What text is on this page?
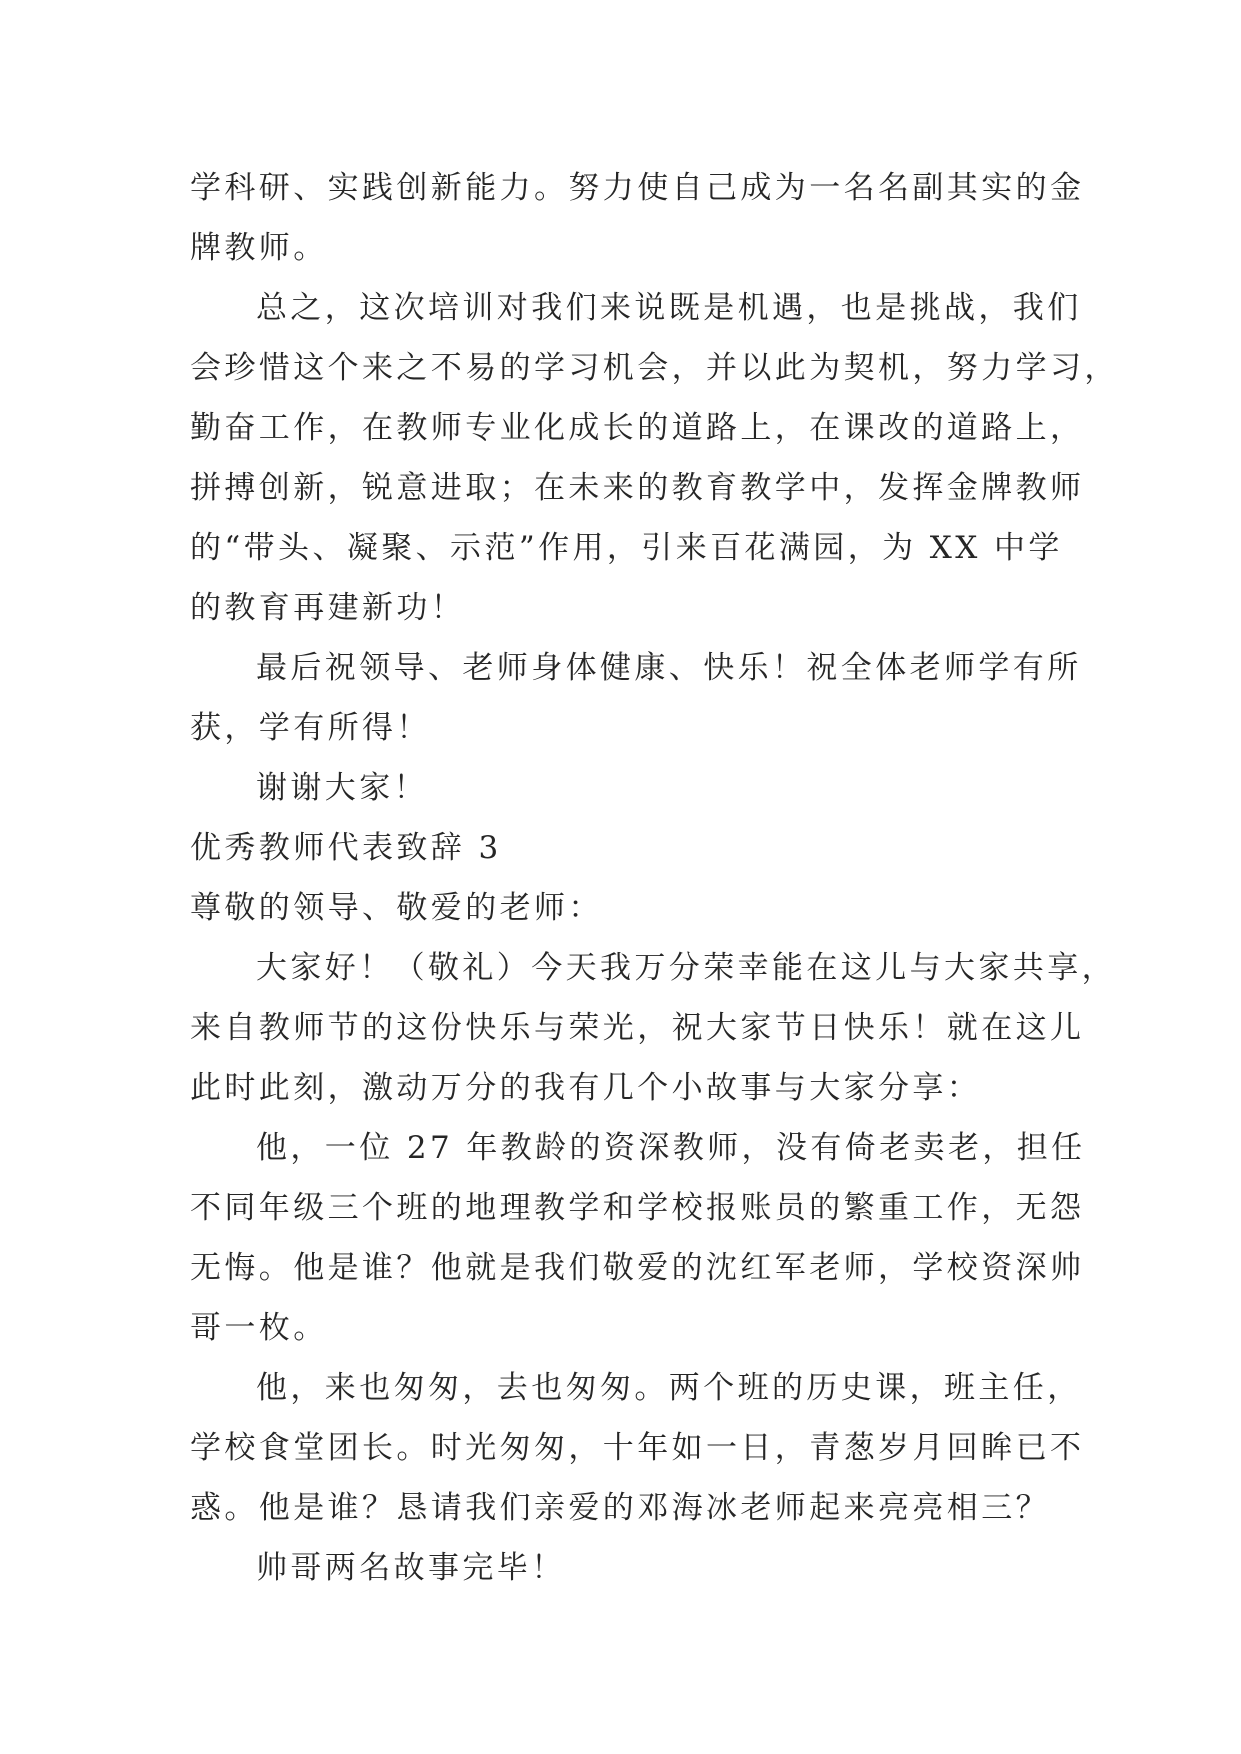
学科研、实践创新能力。努力使自己成为一名名副其实的金
牌教师。
总之，这次培训对我们来说既是机遇，也是挑战，我们
会珍惜这个来之不易的学习机会，并以此为契机，努力学习，
勤奋工作，在教师专业化成长的道路上，在课改的道路上，
拼搏创新，锐意进取；在未来的教育教学中，发挥金牌教师
的“带头、凝聚、示范”作用，引来百花满园，为 XX 中学
的教育再建新功！
最后祝领导、老师身体健康、快乐！祝全体老师学有所
获，学有所得！
谢谢大家！
优秀教师代表致辞 3
尊敬的领导、敬爱的老师：
大家好！（敬礼）今天我万分荣幸能在这儿与大家共享，
来自教师节的这份快乐与荣光，祝大家节日快乐！就在这儿
此时此刻，激动万分的我有几个小故事与大家分享：
他，一位 27 年教龄的资深教师，没有倚老卖老，担任
不同年级三个班的地理教学和学校报账员的繁重工作，无怨
无悔。他是谁？他就是我们敬爱的沈红军老师，学校资深帅
哥一枚。
他，来也匆匆，去也匆匆。两个班的历史课，班主任，
学校食堂团长。时光匆匆，十年如一日，青葱岁月回眸已不
惑。他是谁？恳请我们亲爱的邓海冰老师起来亮亮相三？
帅哥两名故事完毕！
